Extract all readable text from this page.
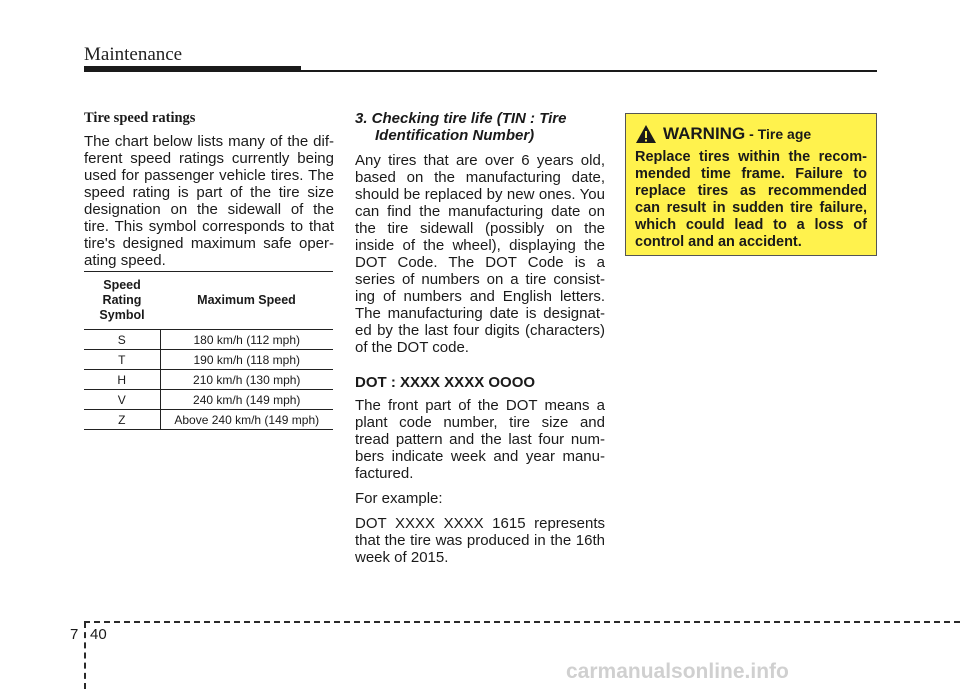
Maintenance

Tire speed ratings

The chart below lists many of the dif-ferent speed ratings currently being used for passenger vehicle tires. The speed rating is part of the tire size designation on the sidewall of the tire. This symbol corresponds to that tire's designed maximum safe oper-ating speed.

Speed Rating Symbol	Maximum Speed
S	180 km/h (112 mph)
T	190 km/h (118 mph)
H	210 km/h (130 mph)
V	240 km/h (149 mph)
Z	Above 240 km/h (149 mph)

3. Checking tire life (TIN : Tire
Identification Number)

Any tires that are over 6 years old, based on the manufacturing date, should be replaced by new ones. You can find the manufacturing date on the tire sidewall (possibly on the inside of the wheel), displaying the DOT Code. The DOT Code is a series of numbers on a tire consist-ing of numbers and English letters. The manufacturing date is designat-ed by the last four digits (characters) of the DOT code.

DOT : XXXX XXXX OOOO

The front part of the DOT means a plant code number, tire size and tread pattern and the last four num-bers indicate week and year manu-factured.

For example:

DOT XXXX XXXX 1615 represents that the tire was produced in the 16th week of 2015.

WARNING - Tire age

Replace tires within the recom-mended time frame. Failure to replace tires as recommended can result in sudden tire failure, which could lead to a loss of control and an accident.

7 40
carmanualsonline.info
